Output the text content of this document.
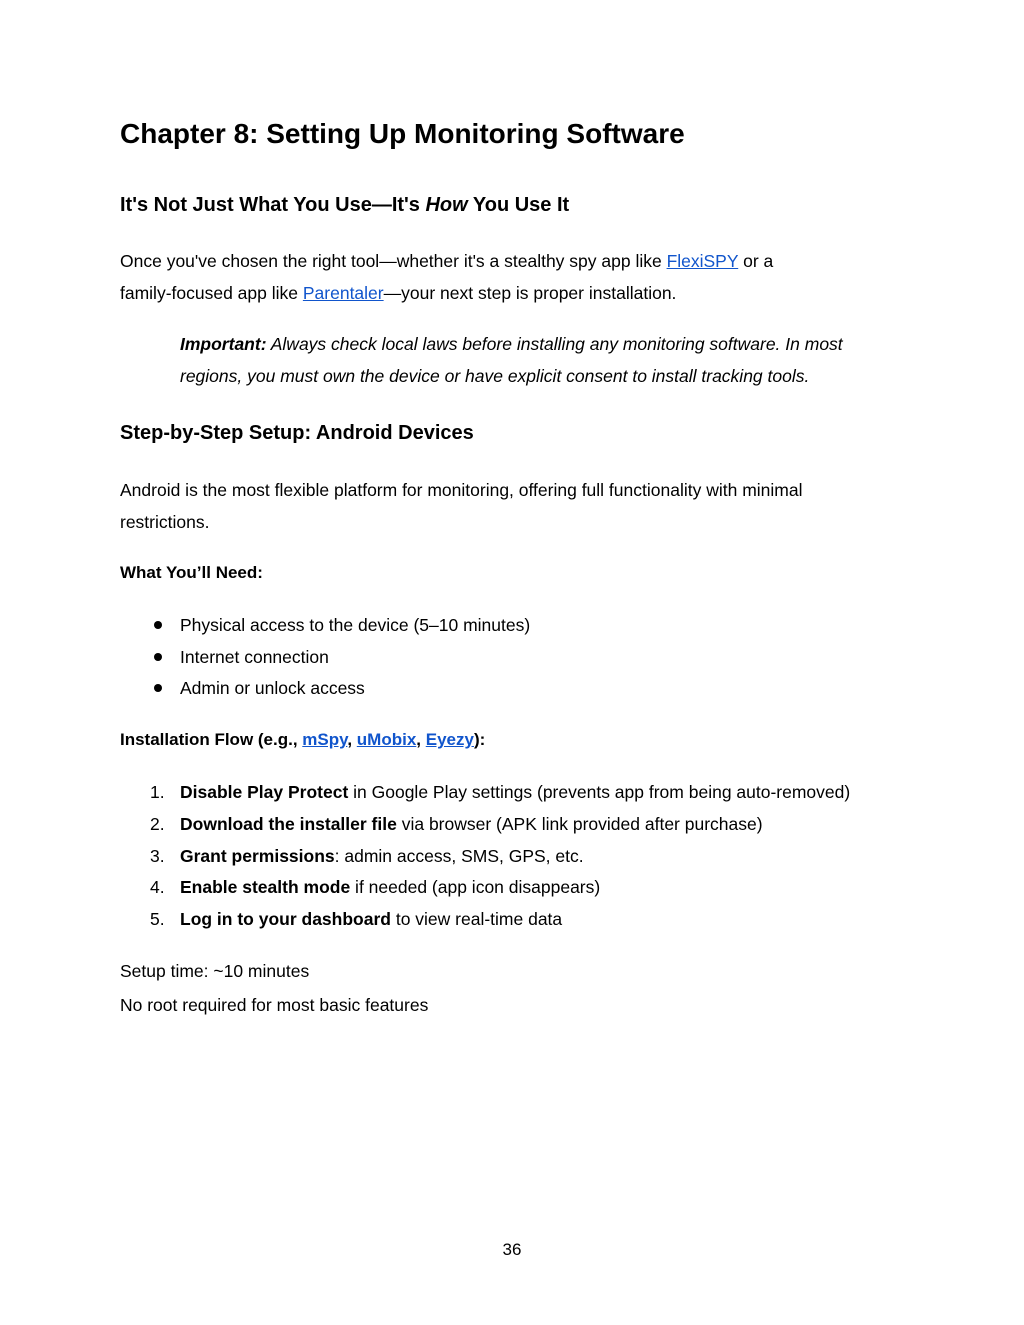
Chapter 8: Setting Up Monitoring Software
It's Not Just What You Use—It's How You Use It
Once you've chosen the right tool—whether it's a stealthy spy app like FlexiSPY or a
family-focused app like Parentaler—your next step is proper installation.
Important: Always check local laws before installing any monitoring software. In most
regions, you must own the device or have explicit consent to install tracking tools.
Step-by-Step Setup: Android Devices
Android is the most flexible platform for monitoring, offering full functionality with minimal
restrictions.
What You’ll Need:
Physical access to the device (5–10 minutes)
Internet connection
Admin or unlock access
Installation Flow (e.g., mSpy, uMobix, Eyezy):
1. Disable Play Protect in Google Play settings (prevents app from being auto-removed)
2. Download the installer file via browser (APK link provided after purchase)
3. Grant permissions: admin access, SMS, GPS, etc.
4. Enable stealth mode if needed (app icon disappears)
5. Log in to your dashboard to view real-time data
Setup time: ~10 minutes
No root required for most basic features
36
